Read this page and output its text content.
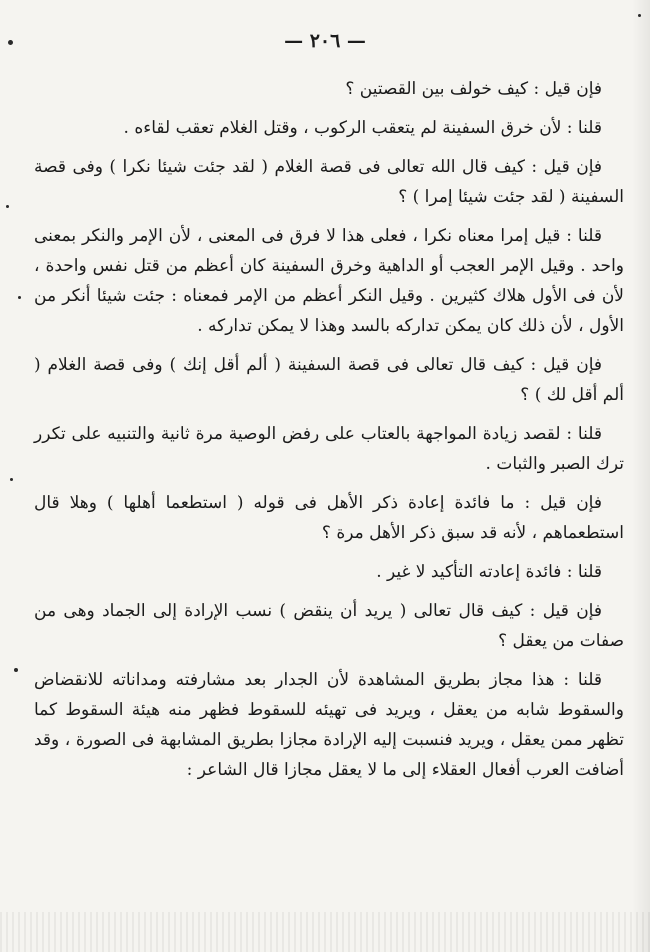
— ٢٠٦ —

فإن قيل : كيف خولف بين القصتين ؟

قلنا : لأن خرق السفينة لم يتعقب الركوب ، وقتل الغلام تعقب لقاءه .

فإن قيل : كيف قال الله تعالى فى قصة الغلام ( لقد جئت شيئا نكرا ) وفى قصة السفينة ( لقد جئت شيئا إمرا ) ؟

قلنا : قيل إمرا معناه نكرا ، فعلى هذا لا فرق فى المعنى ، لأن الإمر والنكر بمعنى واحد . وقيل الإمر العجب أو الداهية وخرق السفينة كان أعظم من قتل نفس واحدة ، لأن فى الأول هلاك كثيرين . وقيل النكر أعظم من الإمر فمعناه : جئت شيئا أنكر من الأول ، لأن ذلك كان يمكن تداركه بالسد وهذا لا يمكن تداركه .

فإن قيل : كيف قال تعالى فى قصة السفينة ( ألم أقل إنك ) وفى قصة الغلام ( ألم أقل لك ) ؟

قلنا : لقصد زيادة المواجهة بالعتاب على رفض الوصية مرة ثانية والتنبيه على تكرر ترك الصبر والثبات .

فإن قيل : ما فائدة إعادة ذكر الأهل فى قوله ( استطعما أهلها ) وهلا قال استطعماهم ، لأنه قد سبق ذكر الأهل مرة ؟

قلنا : فائدة إعادته التأكيد لا غير .

فإن قيل : كيف قال تعالى ( يريد أن ينقض ) نسب الإرادة إلى الجماد وهى من صفات من يعقل ؟

قلنا : هذا مجاز بطريق المشاهدة لأن الجدار بعد مشارفته ومداناته للانقضاض والسقوط شابه من يعقل ، ويريد فى تهيئه للسقوط فظهر منه هيئة السقوط كما تظهر ممن يعقل ، ويريد فنسبت إليه الإرادة مجازا بطريق المشابهة فى الصورة ، وقد أضافت العرب أفعال العقلاء إلى ما لا يعقل مجازا قال الشاعر :
